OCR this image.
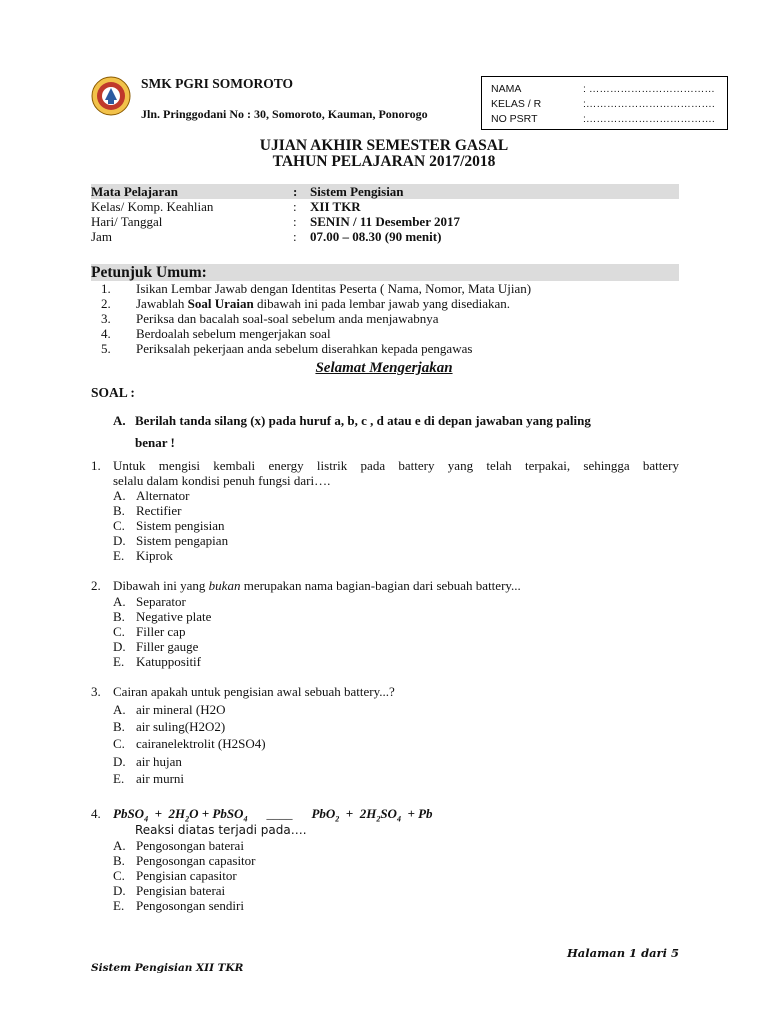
SMK PGRI SOMOROTO
Jln. Pringgodani No : 30, Somoroto, Kauman, Ponorogo
NAMA	: ………………………………
KELAS / R	:……………………………….
NO PSRT	:……………………………….
UJIAN AKHIR SEMESTER GASAL
TAHUN PELAJARAN 2017/2018
Mata Pelajaran	: Sistem Pengisian
Kelas/ Komp. Keahlian	:	XII TKR
Hari/ Tanggal	:	SENIN / 11 Desember 2017
Jam	:	07.00 – 08.30 (90 menit)
Petunjuk Umum:
1.	Isikan Lembar Jawab dengan Identitas Peserta ( Nama, Nomor, Mata Ujian)
2.	Jawablah Soal Uraian dibawah ini pada lembar jawab yang disediakan.
3.	Periksa dan bacalah soal-soal sebelum anda menjawabnya
4.	Berdoalah sebelum mengerjakan soal
5.	Periksalah pekerjaan anda sebelum diserahkan kepada pengawas
Selamat Mengerjakan
SOAL :
A. Berilah tanda silang (x) pada huruf a, b, c , d atau e di depan jawaban yang paling
benar !
1. Untuk mengisi kembali energy listrik pada battery yang telah terpakai, sehingga battery
selalu dalam kondisi penuh fungsi dari….
A. Alternator
B. Rectifier
C. Sistem pengisian
D. Sistem pengapian
E. Kiprok
2. Dibawah ini yang bukan merupakan nama bagian-bagian dari sebuah battery...
A. Separator
B. Negative plate
C. Filler cap
D. Filler gauge
E. Katuppositif
3. Cairan apakah untuk pengisian awal sebuah battery...?
A. air mineral (H2O
B. air suling(H2O2)
C. cairanelektrolit (H2SO4)
D. air hujan
E. air murni
4. PbSO$_4$  +  $2H_2O$ + PbSO$_4$ ____ $PbO_2 + 2H_2SO_4 + Pb$
Reaksi diatas terjadi pada….
A. Pengosongan baterai
B. Pengosongan capasitor
C. Pengisian capasitor
D. Pengisian baterai
E. Pengosongan sendiri
Halaman 1 dari 5
Sistem Pengisian XII TKR
